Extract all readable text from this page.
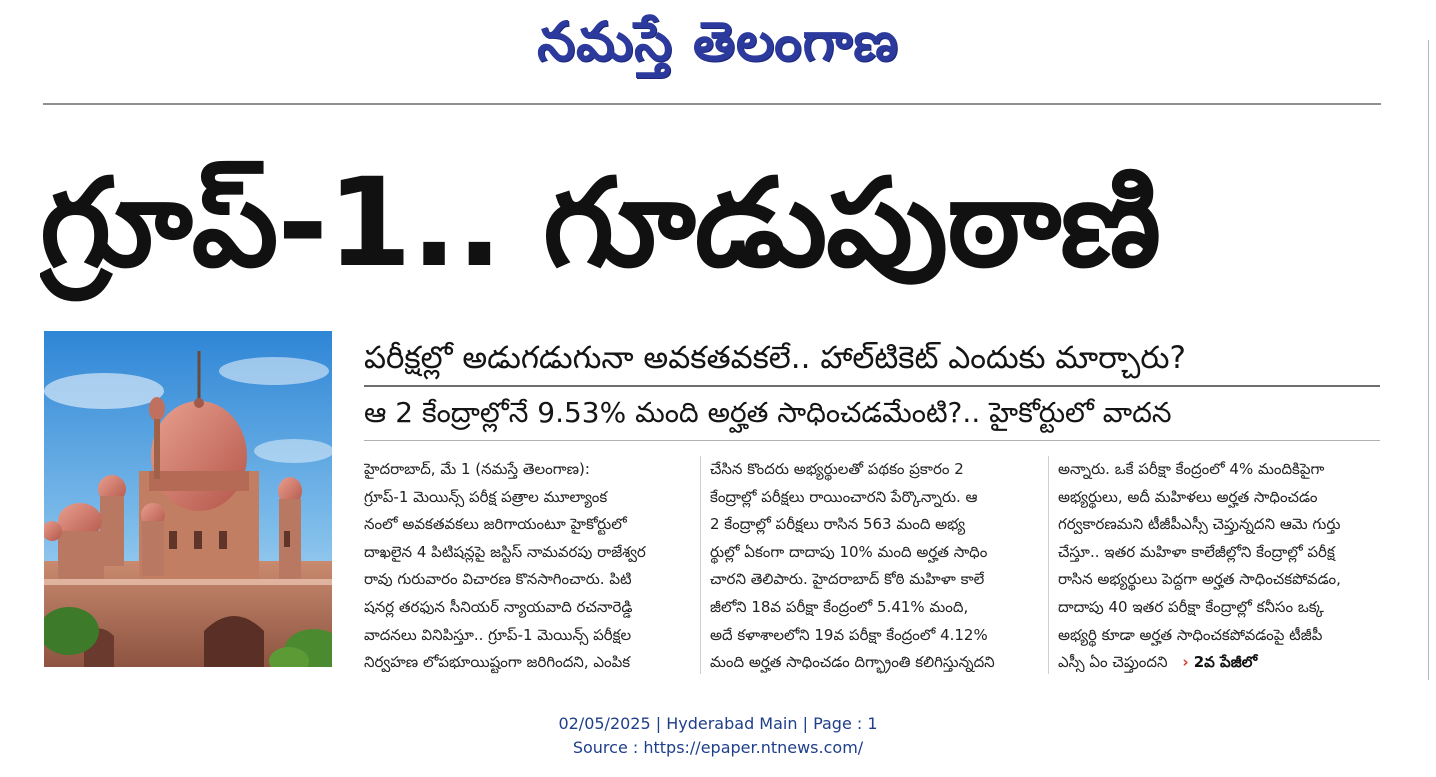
నమస్తే తెలంగాణ
గ్రూప్-1.. గూడుపుఠాణి
పరీక్షల్లో అడుగడుగునా అవకతవకలే.. హాల్‌టికెట్ ఎందుకు మార్చారు?
ఆ 2 కేంద్రాల్లోనే 9.53% మంది అర్హత సాధించడమేంటి?.. హైకోర్టులో వాదన
హైదరాబాద్, మే 1 (నమస్తే తెలంగాణ):
గ్రూప్-1 మెయిన్స్ పరీక్ష పత్రాల మూల్యాంక
నంలో అవకతవకలు జరిగాయంటూ హైకోర్టులో
దాఖలైన 4 పిటిషన్లపై జస్టిస్ నామవరపు రాజేశ్వర
రావు గురువారం విచారణ కొనసాగించారు. పిటి
షనర్ల తరఫున సీనియర్ న్యాయవాది రచనారెడ్డి
వాదనలు వినిపిస్తూ.. గ్రూప్-1 మెయిన్స్ పరీక్షల
నిర్వహణ లోపభూయిష్టంగా జరిగిందని, ఎంపిక
చేసిన కొందరు అభ్యర్థులతో పథకం ప్రకారం 2
కేంద్రాల్లో పరీక్షలు రాయించారని పేర్కొన్నారు. ఆ
2 కేంద్రాల్లో పరీక్షలు రాసిన 563 మంది అభ్య
ర్థుల్లో ఏకంగా దాదాపు 10% మంది అర్హత సాధిం
చారని తెలిపారు. హైదరాబాద్ కోఠి మహిళా కాలే
జీలోని 18వ పరీక్షా కేంద్రంలో 5.41% మంది,
అదే కళాశాలలోని 19వ పరీక్షా కేంద్రంలో 4.12%
మంది అర్హత సాధించడం దిగ్భ్రాంతి కలిగిస్తున్నదని
అన్నారు. ఒకే పరీక్షా కేంద్రంలో 4% మందికిపైగా
అభ్యర్థులు, అదీ మహిళలు అర్హత సాధించడం
గర్వకారణమని టీజీపీఎస్సీ చెప్తున్నదని ఆమె గుర్తు
చేస్తూ.. ఇతర మహిళా కాలేజీల్లోని కేంద్రాల్లో పరీక్ష
రాసిన అభ్యర్థులు పెద్దగా అర్హత సాధించకపోవడం,
దాదాపు 40 ఇతర పరీక్షా కేంద్రాల్లో కనీసం ఒక్క
అభ్యర్థి కూడా అర్హత సాధించకపోవడంపై టీజీపీ
ఎస్సీ ఏం చెప్తుందని › 2వ పేజీలో
02/05/2025 | Hyderabad Main | Page : 1
Source : https://epaper.ntnews.com/
